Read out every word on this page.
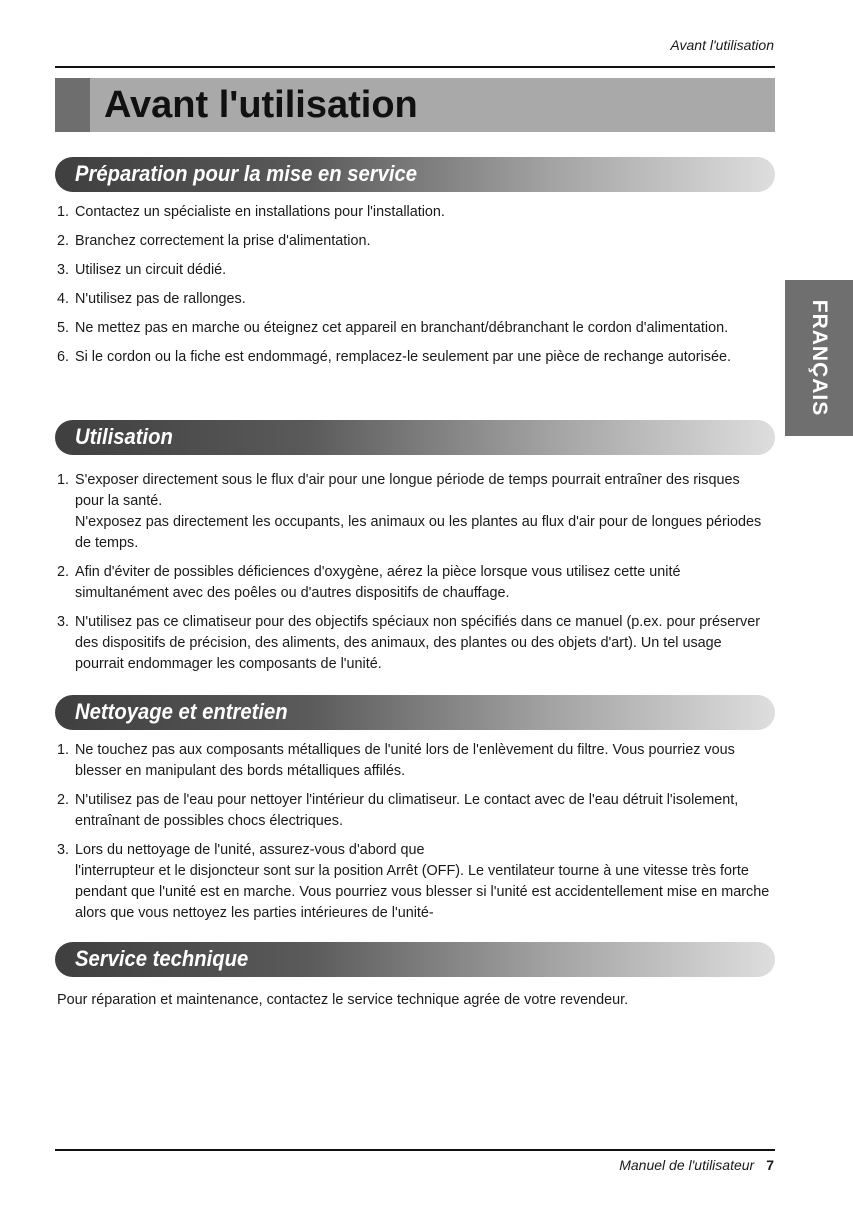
Avant l'utilisation
Avant l'utilisation
FRANÇAIS
Préparation pour la mise en service
1. Contactez un spécialiste en installations pour l'installation.
2. Branchez correctement la prise d'alimentation.
3. Utilisez un circuit dédié.
4. N'utilisez pas de rallonges.
5. Ne mettez pas en marche ou éteignez cet appareil en branchant/débranchant le cordon d'alimentation.
6. Si le cordon ou la fiche est endommagé, remplacez-le seulement par une pièce de rechange autorisée.
Utilisation
1. S'exposer directement sous le flux d'air pour une longue période de temps pourrait entraîner des risques pour la santé.
N'exposez pas directement les occupants, les animaux ou les plantes au flux d'air pour de longues périodes de temps.
2. Afin d'éviter de possibles déficiences d'oxygène, aérez la pièce lorsque vous utilisez cette unité simultanément avec des poêles ou d'autres dispositifs de chauffage.
3. N'utilisez pas ce climatiseur pour des objectifs spéciaux non spécifiés dans ce manuel (p.ex. pour préserver des dispositifs de précision, des aliments, des animaux, des plantes ou des objets d'art). Un tel usage pourrait endommager les composants de l'unité.
Nettoyage et entretien
1. Ne touchez pas aux composants métalliques de l'unité lors de l'enlèvement du filtre. Vous pourriez vous blesser en manipulant des bords métalliques affilés.
2. N'utilisez pas de l'eau pour nettoyer l'intérieur du climatiseur. Le contact avec de l'eau détruit l'isolement, entraînant de possibles chocs électriques.
3. Lors du nettoyage de l'unité, assurez-vous d'abord que
l'interrupteur et le disjoncteur sont sur la position Arrêt (OFF). Le ventilateur tourne à une vitesse très forte pendant que l'unité est en marche. Vous pourriez vous blesser si l'unité est accidentellement mise en marche alors que vous nettoyez les parties intérieures de l'unité-
Service technique
Pour réparation et maintenance, contactez le service technique agrée de votre revendeur.
Manuel de l'utilisateur 7
